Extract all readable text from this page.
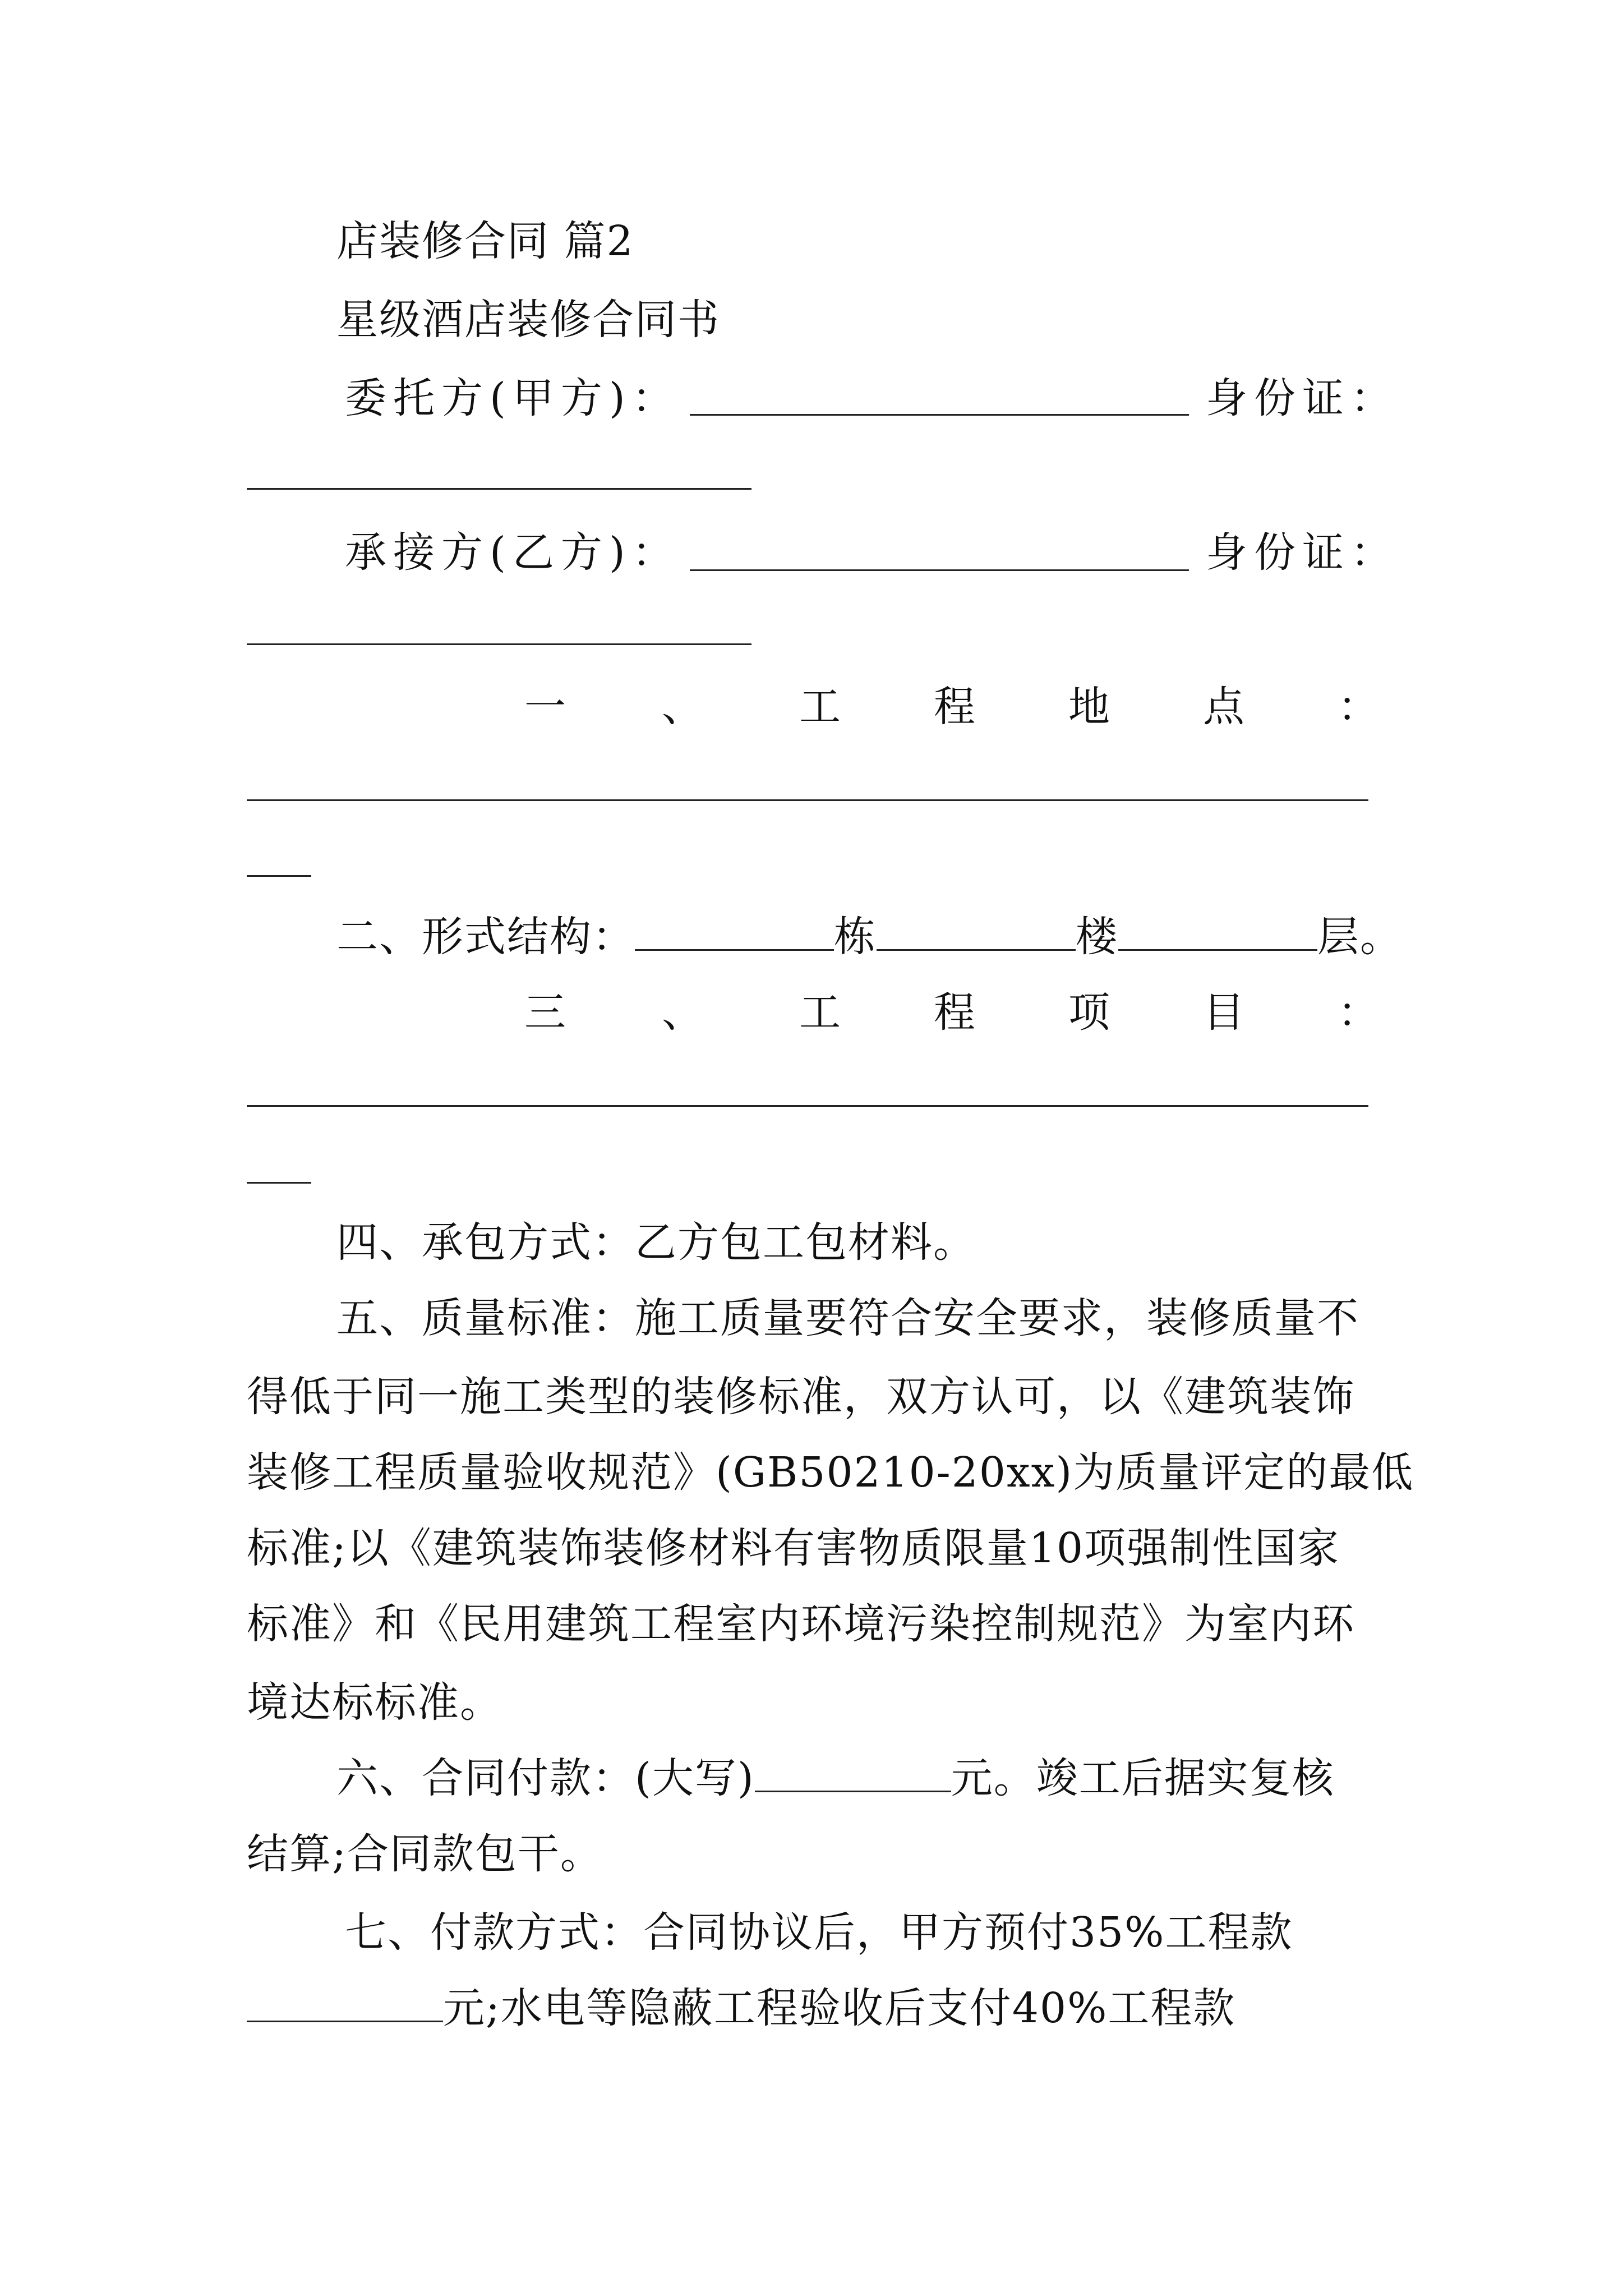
店装修合同 篇2
星级酒店装修合同书
委托方(甲方)：	身份证：
承接方(乙方)：	身份证：
一 、 工 程 地 点 ：
二、形式结构：	栋	楼	层。
三 、 工 程 项 目 ：
四、承包方式：乙方包工包材料。
五、质量标准：施工质量要符合安全要求，装修质量不
得低于同一施工类型的装修标准，双方认可，以《建筑装饰
装修工程质量验收规范》(GB50210-20xx)为质量评定的最低
标准;以《建筑装饰装修材料有害物质限量10项强制性国家
标准》和《民用建筑工程室内环境污染控制规范》为室内环
境达标标准。
六、合同付款：(大写)	元。竣工后据实复核
结算;合同款包干。
七、付款方式：合同协议后，甲方预付35%工程款
元;水电等隐蔽工程验收后支付40%工程款
